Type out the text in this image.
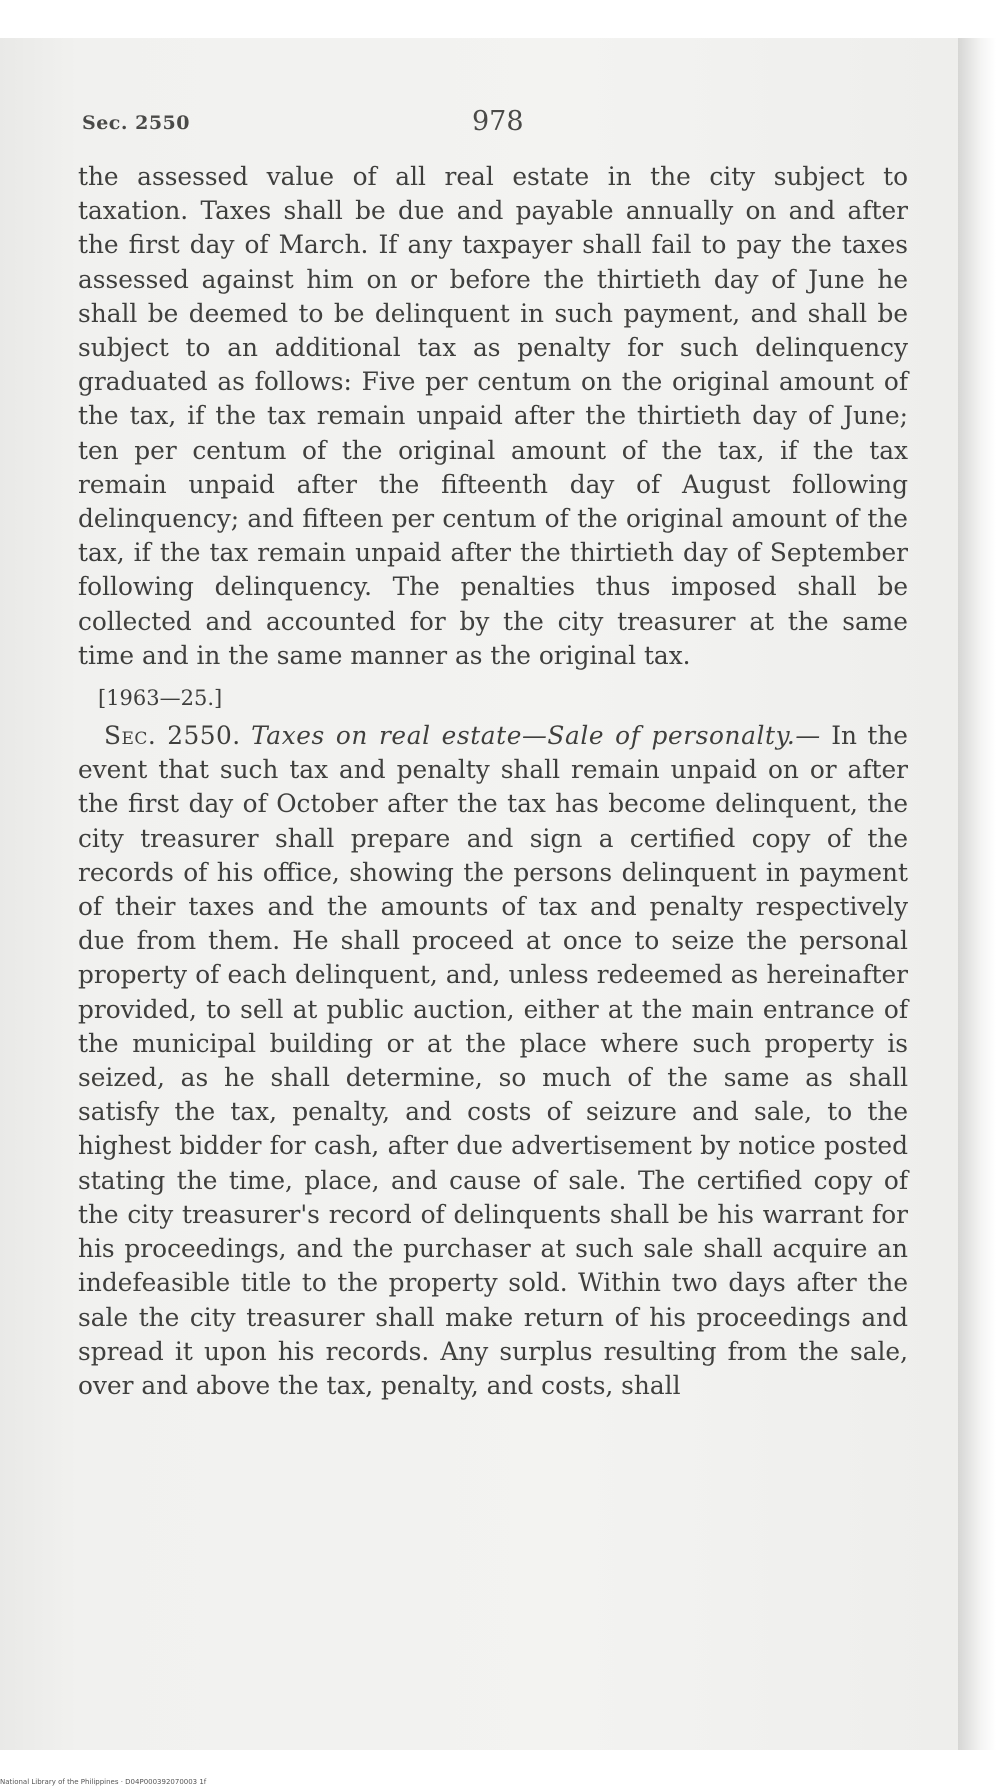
Sec. 2550	978

the assessed value of all real estate in the city subject to taxation. Taxes shall be due and payable annually on and after the first day of March. If any taxpayer shall fail to pay the taxes assessed against him on or before the thirtieth day of June he shall be deemed to be delinquent in such payment, and shall be subject to an additional tax as penalty for such delinquency graduated as follows: Five per centum on the original amount of the tax, if the tax remain unpaid after the thirtieth day of June; ten per centum of the original amount of the tax, if the tax remain unpaid after the fifteenth day of August following delinquency; and fifteen per centum of the original amount of the tax, if the tax remain unpaid after the thirtieth day of September following delinquency. The penalties thus imposed shall be collected and accounted for by the city treasurer at the same time and in the same manner as the original tax.

[1963—25.]

Sec. 2550. Taxes on real estate—Sale of personalty.— In the event that such tax and penalty shall remain unpaid on or after the first day of October after the tax has become delinquent, the city treasurer shall prepare and sign a certified copy of the records of his office, showing the persons delinquent in payment of their taxes and the amounts of tax and penalty respectively due from them. He shall proceed at once to seize the personal property of each delinquent, and, unless redeemed as hereinafter provided, to sell at public auction, either at the main entrance of the municipal building or at the place where such property is seized, as he shall determine, so much of the same as shall satisfy the tax, penalty, and costs of seizure and sale, to the highest bidder for cash, after due advertisement by notice posted stating the time, place, and cause of sale. The certified copy of the city treasurer's record of delinquents shall be his warrant for his proceedings, and the purchaser at such sale shall acquire an indefeasible title to the property sold. Within two days after the sale the city treasurer shall make return of his proceedings and spread it upon his records. Any surplus resulting from the sale, over and above the tax, penalty, and costs, shall

National Library of the Philippines · D04P000392070003 1f
